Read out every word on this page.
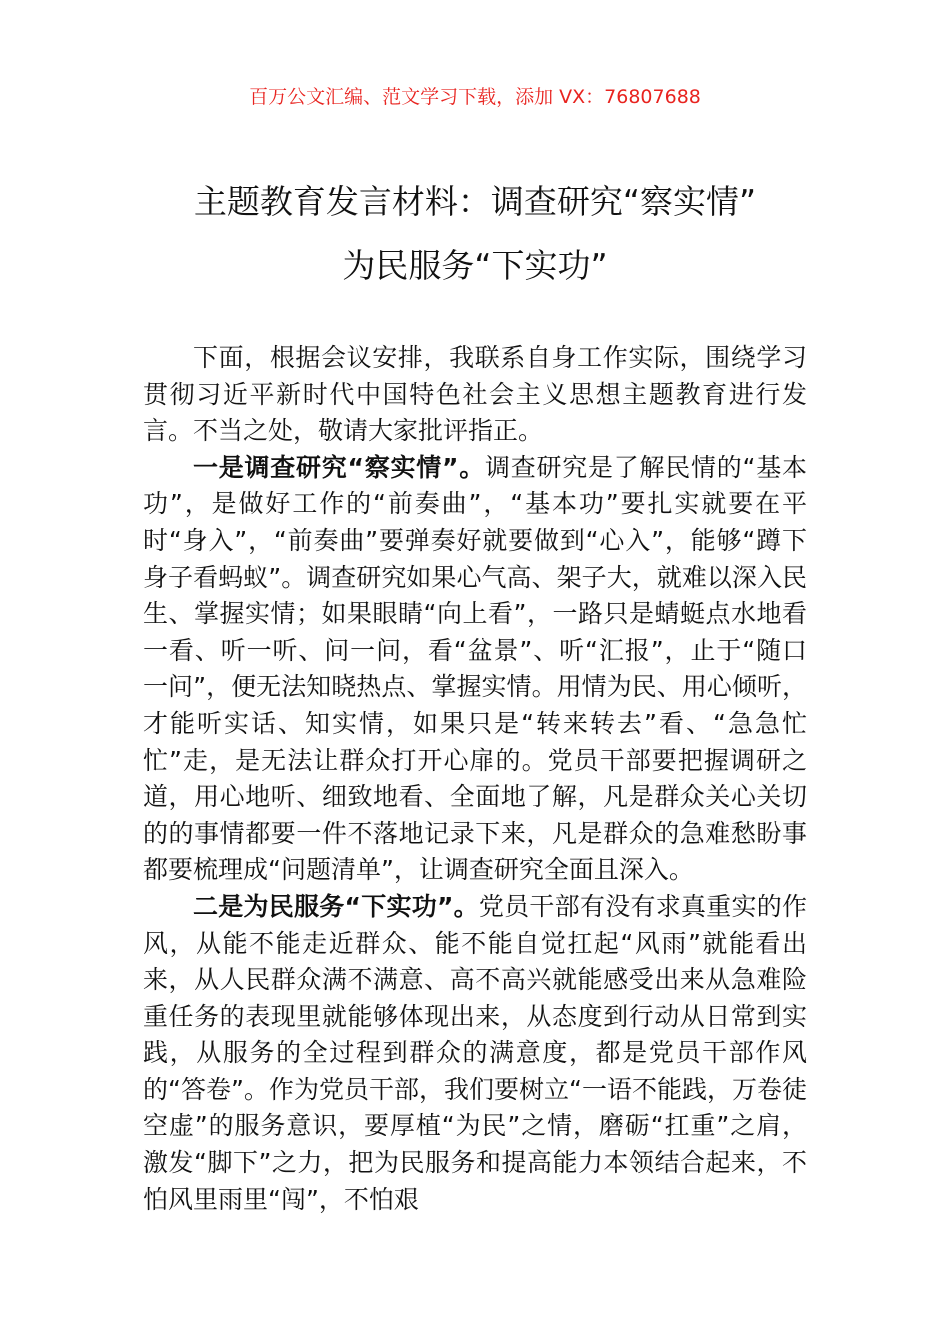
百万公文汇编、范文学习下载，添加 VX：76807688
主题教育发言材料：调查研究“察实情”
为民服务“下实功”

下面，根据会议安排，我联系自身工作实际，围绕学习贯彻习近平新时代中国特色社会主义思想主题教育进行发言。不当之处，敬请大家批评指正。

一是调查研究“察实情”。调查研究是了解民情的“基本功”，是做好工作的“前奏曲”，“基本功”要扎实就要在平时“身入”，“前奏曲”要弹奏好就要做到“心入”，能够“蹲下身子看蚂蚁”。调查研究如果心气高、架子大，就难以深入民生、掌握实情；如果眼睛“向上看”，一路只是蜻蜓点水地看一看、听一听、问一问，看“盆景”、听“汇报”，止于“随口一问”，便无法知晓热点、掌握实情。用情为民、用心倾听，才能听实话、知实情，如果只是“转来转去”看、“急急忙忙”走，是无法让群众打开心扉的。党员干部要把握调研之道，用心地听、细致地看、全面地了解，凡是群众关心关切的的事情都要一件不落地记录下来，凡是群众的急难愁盼事都要梳理成“问题清单”，让调查研究全面且深入。

二是为民服务“下实功”。党员干部有没有求真重实的作风，从能不能走近群众、能不能自觉扛起“风雨”就能看出来，从人民群众满不满意、高不高兴就能感受出来从急难险重任务的表现里就能够体现出来，从态度到行动从日常到实践，从服务的全过程到群众的满意度，都是党员干部作风的“答卷”。作为党员干部，我们要树立“一语不能践，万卷徒空虚”的服务意识，要厚植“为民”之情，磨砺“扛重”之肩，激发“脚下”之力，把为民服务和提高能力本领结合起来，不怕风里雨里“闯”，不怕艰
